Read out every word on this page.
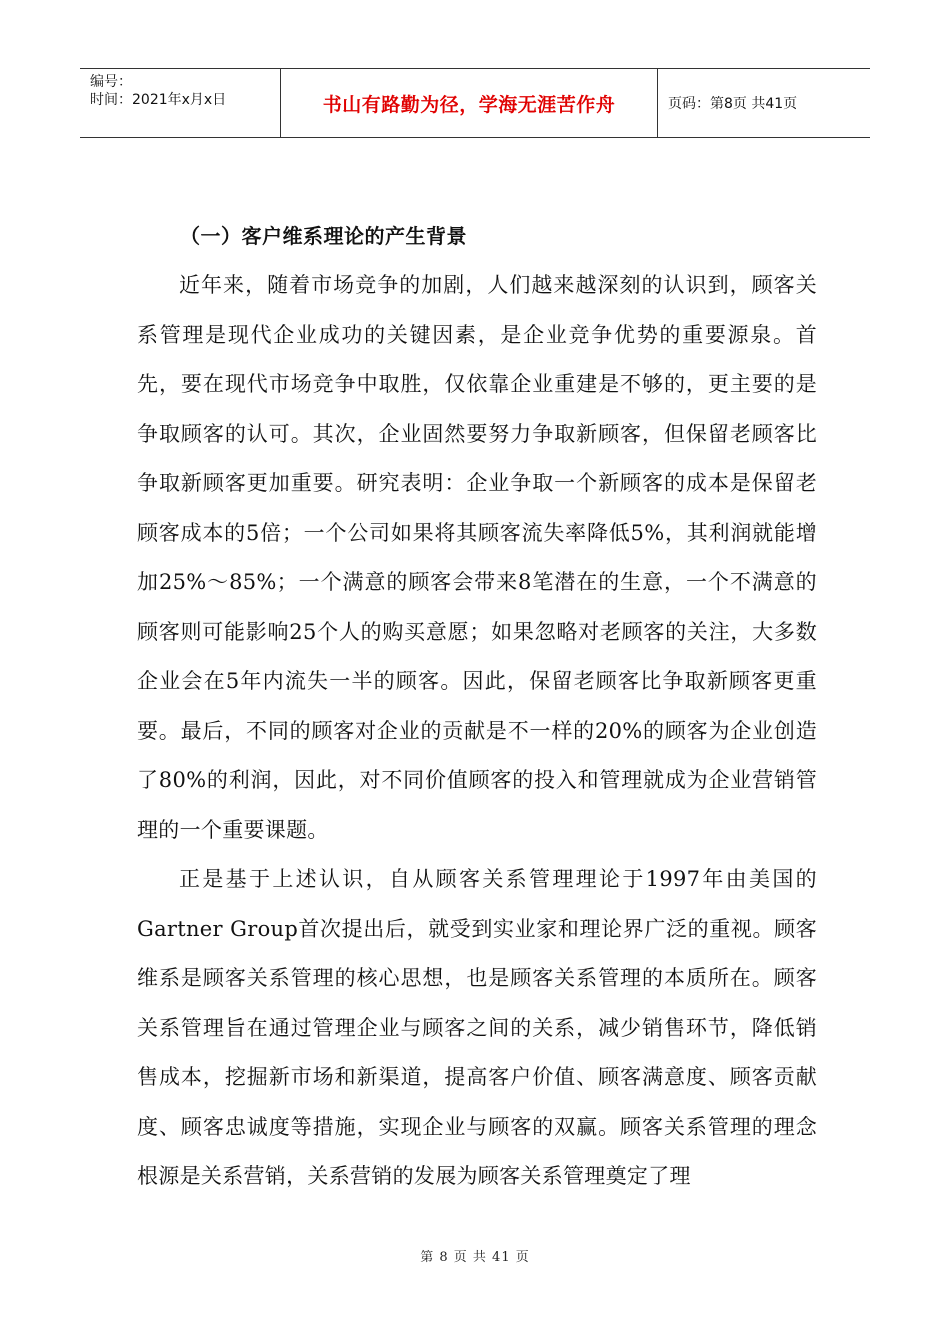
编号：
时间：2021年x月x日	书山有路勤为径，学海无涯苦作舟	页码：第8页 共41页
（一）客户维系理论的产生背景

近年来，随着市场竞争的加剧，人们越来越深刻的认识到，顾客关系管理是现代企业成功的关键因素，是企业竞争优势的重要源泉。首先，要在现代市场竞争中取胜，仅依靠企业重建是不够的，更主要的是争取顾客的认可。其次，企业固然要努力争取新顾客，但保留老顾客比争取新顾客更加重要。研究表明：企业争取一个新顾客的成本是保留老顾客成本的5倍；一个公司如果将其顾客流失率降低5%，其利润就能增加25%～85%；一个满意的顾客会带来8笔潜在的生意，一个不满意的顾客则可能影响25个人的购买意愿；如果忽略对老顾客的关注，大多数企业会在5年内流失一半的顾客。因此，保留老顾客比争取新顾客更重要。最后，不同的顾客对企业的贡献是不一样的20%的顾客为企业创造了80%的利润，因此，对不同价值顾客的投入和管理就成为企业营销管理的一个重要课题。

正是基于上述认识，自从顾客关系管理理论于1997年由美国的Gartner Group首次提出后，就受到实业家和理论界广泛的重视。顾客维系是顾客关系管理的核心思想，也是顾客关系管理的本质所在。顾客关系管理旨在通过管理企业与顾客之间的关系，减少销售环节，降低销售成本，挖掘新市场和新渠道，提高客户价值、顾客满意度、顾客贡献度、顾客忠诚度等措施，实现企业与顾客的双赢。顾客关系管理的理念根源是关系营销，关系营销的发展为顾客关系管理奠定了理

第 8 页 共 41 页
